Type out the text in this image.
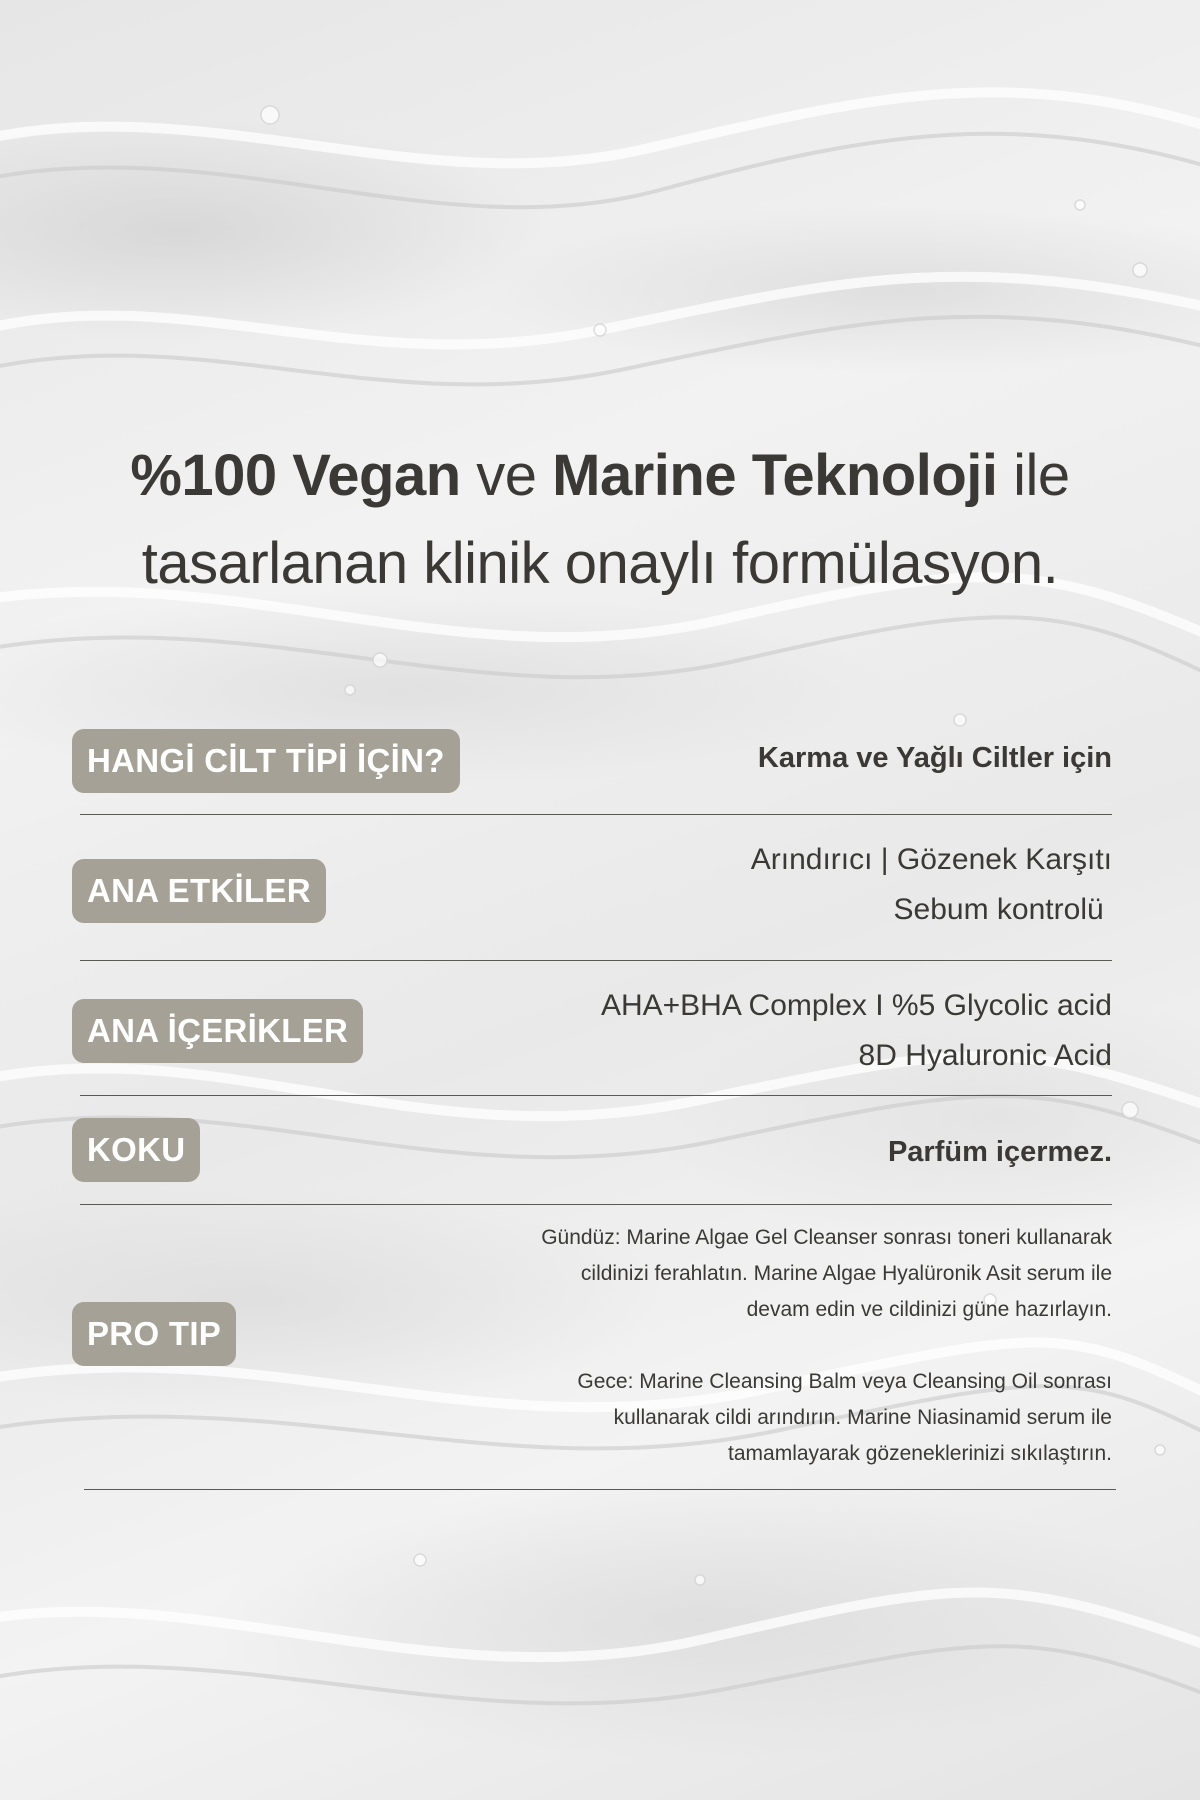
%100 Vegan ve Marine Teknoloji ile
tasarlanan klinik onaylı formülasyon.
HANGİ CİLT TİPİ İÇİN?	Karma ve Yağlı Ciltler için
ANA ETKİLER
Arındırıcı | Gözenek Karşıtı
Sebum kontrolü
ANA İÇERİKLER
AHA+BHA Complex I %5 Glycolic acid
8D Hyaluronic Acid
KOKU	Parfüm içermez.
PRO TIP
Gündüz: Marine Algae Gel Cleanser sonrası toneri kullanarak
cildinizi ferahlatın. Marine Algae Hyalüronik Asit serum ile
devam edin ve cildinizi güne hazırlayın.
Gece: Marine Cleansing Balm veya Cleansing Oil sonrası
kullanarak cildi arındırın. Marine Niasinamid serum ile
tamamlayarak gözeneklerinizi sıkılaştırın.
